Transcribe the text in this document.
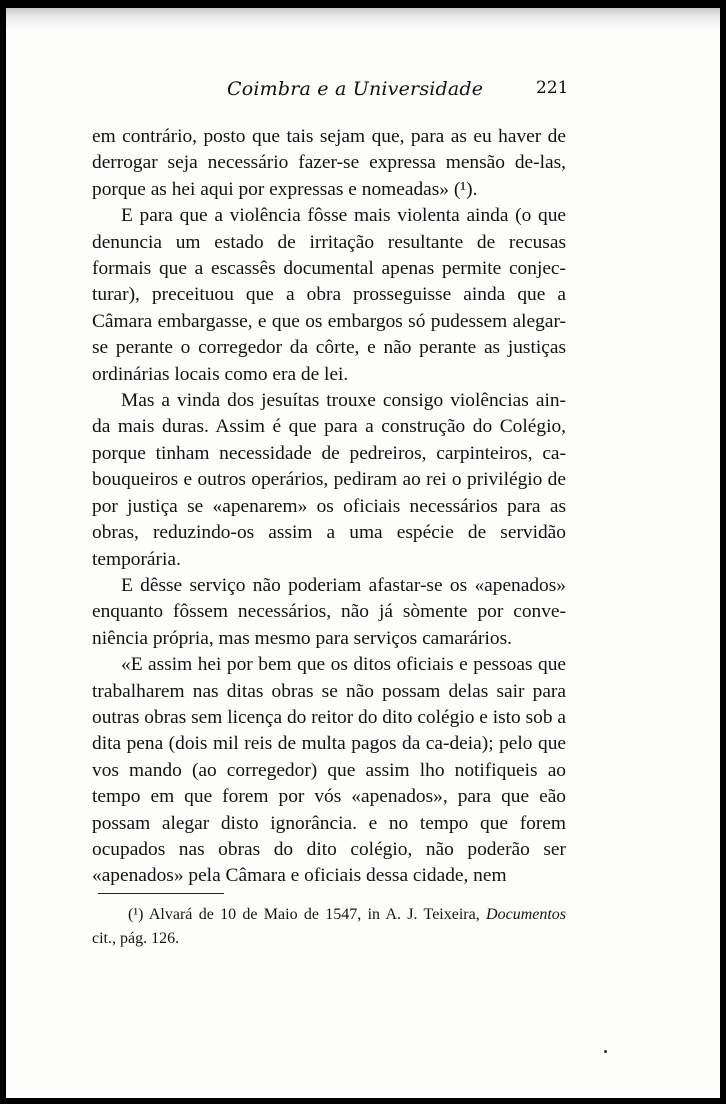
Coimbra e a Universidade	221

em contrário, posto que tais sejam que, para as eu haver de derrogar seja necessário fazer-se expressa mensão de-las, porque as hei aqui por expressas e nomeadas» (¹).

E para que a violência fôsse mais violenta ainda (o que denuncia um estado de irritação resultante de recusas formais que a escassês documental apenas permite conjec-turar), preceituou que a obra prosseguisse ainda que a Câmara embargasse, e que os embargos só pudessem alegar-se perante o corregedor da côrte, e não perante as justiças ordinárias locais como era de lei.

Mas a vinda dos jesuítas trouxe consigo violências ain-da mais duras. Assim é que para a construção do Colégio, porque tinham necessidade de pedreiros, carpinteiros, ca-bouqueiros e outros operários, pediram ao rei o privilégio de por justiça se «apenarem» os oficiais necessários para as obras, reduzindo-os assim a uma espécie de servidão temporária.

E dêsse serviço não poderiam afastar-se os «apenados» enquanto fôssem necessários, não já sòmente por conve-niência própria, mas mesmo para serviços camarários.

«E assim hei por bem que os ditos oficiais e pessoas que trabalharem nas ditas obras se não possam delas sair para outras obras sem licença do reitor do dito colégio e isto sob a dita pena (dois mil reis de multa pagos da ca-deia); pelo que vos mando (ao corregedor) que assim lho notifiqueis ao tempo em que forem por vós «apenados», para que eão possam alegar disto ignorância. e no tempo que forem ocupados nas obras do dito colégio, não poderão ser «apenados» pela Câmara e oficiais dessa cidade, nem

(¹) Alvará de 10 de Maio de 1547, in A. J. Teixeira, Documentos cit., pág. 126.
